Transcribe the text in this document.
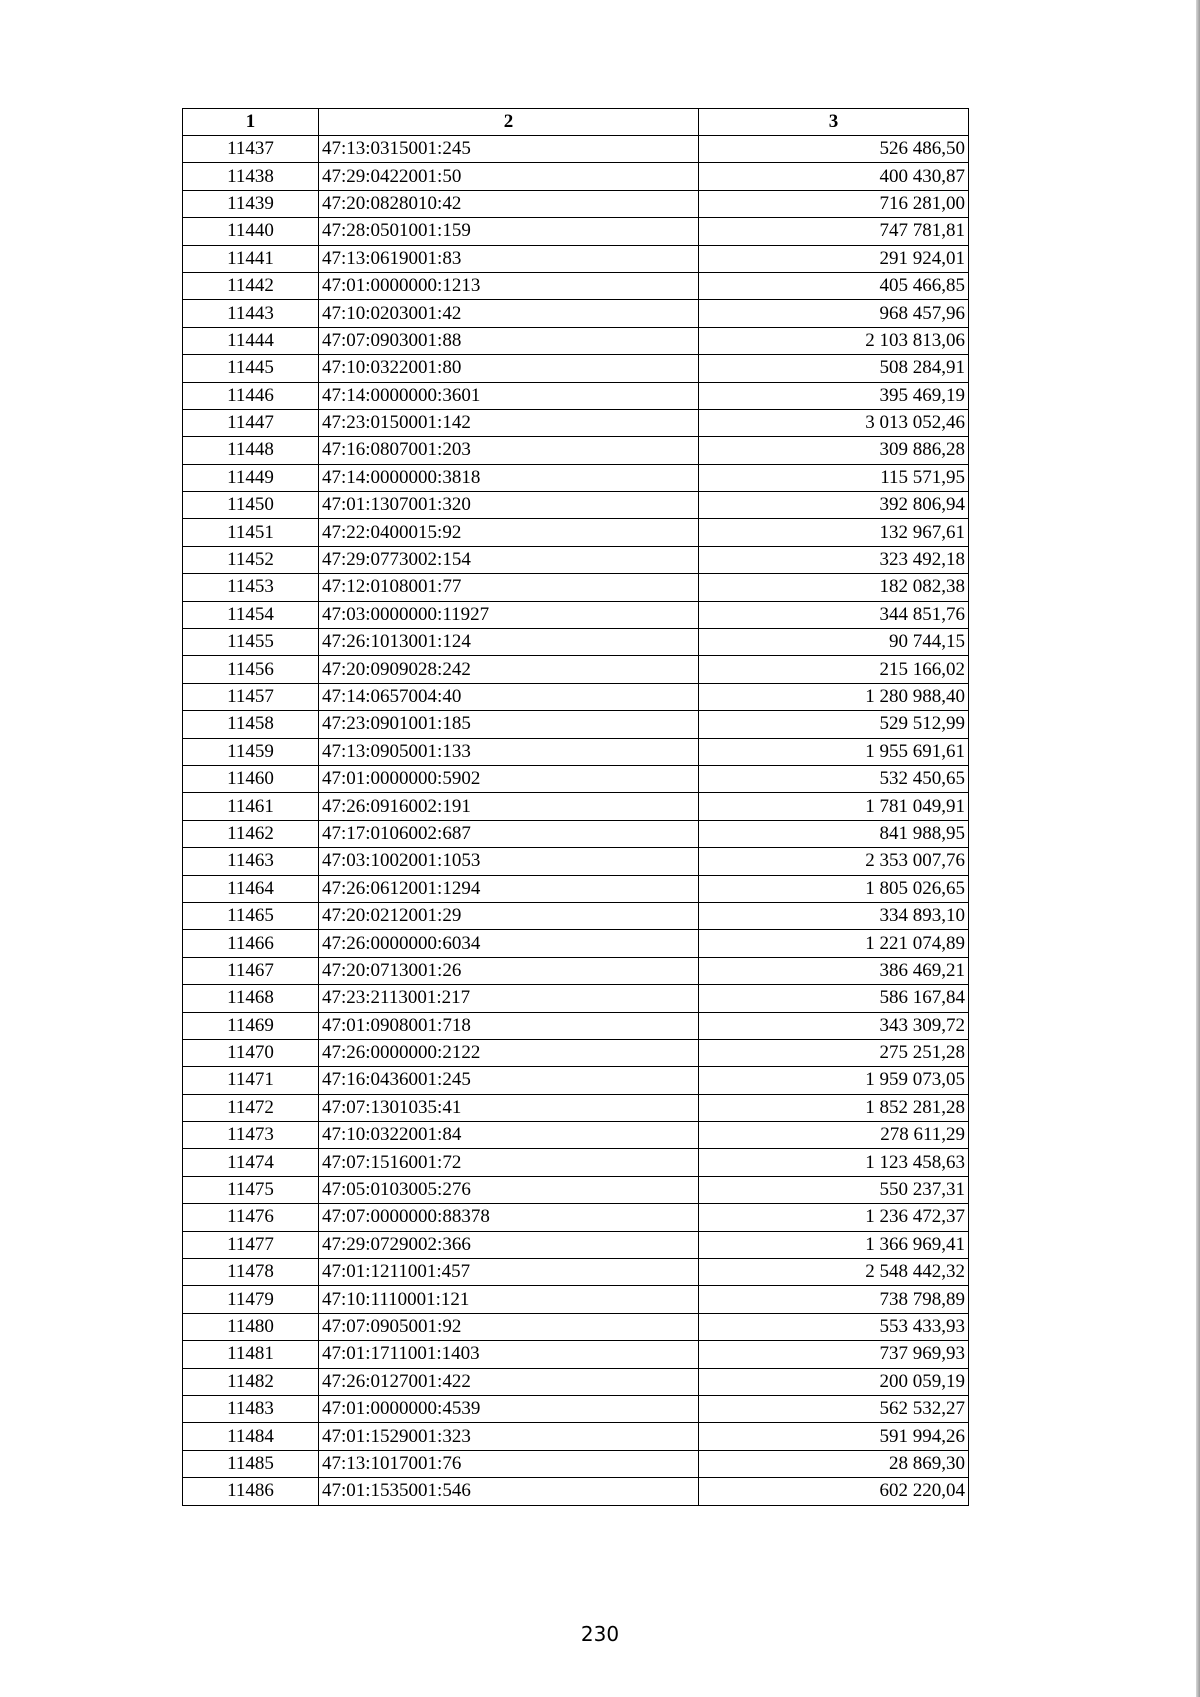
1	2	3
11437	47:13:0315001:245	526 486,50
11438	47:29:0422001:50	400 430,87
11439	47:20:0828010:42	716 281,00
11440	47:28:0501001:159	747 781,81
11441	47:13:0619001:83	291 924,01
11442	47:01:0000000:1213	405 466,85
11443	47:10:0203001:42	968 457,96
11444	47:07:0903001:88	2 103 813,06
11445	47:10:0322001:80	508 284,91
11446	47:14:0000000:3601	395 469,19
11447	47:23:0150001:142	3 013 052,46
11448	47:16:0807001:203	309 886,28
11449	47:14:0000000:3818	115 571,95
11450	47:01:1307001:320	392 806,94
11451	47:22:0400015:92	132 967,61
11452	47:29:0773002:154	323 492,18
11453	47:12:0108001:77	182 082,38
11454	47:03:0000000:11927	344 851,76
11455	47:26:1013001:124	90 744,15
11456	47:20:0909028:242	215 166,02
11457	47:14:0657004:40	1 280 988,40
11458	47:23:0901001:185	529 512,99
11459	47:13:0905001:133	1 955 691,61
11460	47:01:0000000:5902	532 450,65
11461	47:26:0916002:191	1 781 049,91
11462	47:17:0106002:687	841 988,95
11463	47:03:1002001:1053	2 353 007,76
11464	47:26:0612001:1294	1 805 026,65
11465	47:20:0212001:29	334 893,10
11466	47:26:0000000:6034	1 221 074,89
11467	47:20:0713001:26	386 469,21
11468	47:23:2113001:217	586 167,84
11469	47:01:0908001:718	343 309,72
11470	47:26:0000000:2122	275 251,28
11471	47:16:0436001:245	1 959 073,05
11472	47:07:1301035:41	1 852 281,28
11473	47:10:0322001:84	278 611,29
11474	47:07:1516001:72	1 123 458,63
11475	47:05:0103005:276	550 237,31
11476	47:07:0000000:88378	1 236 472,37
11477	47:29:0729002:366	1 366 969,41
11478	47:01:1211001:457	2 548 442,32
11479	47:10:1110001:121	738 798,89
11480	47:07:0905001:92	553 433,93
11481	47:01:1711001:1403	737 969,93
11482	47:26:0127001:422	200 059,19
11483	47:01:0000000:4539	562 532,27
11484	47:01:1529001:323	591 994,26
11485	47:13:1017001:76	28 869,30
11486	47:01:1535001:546	602 220,04
230
